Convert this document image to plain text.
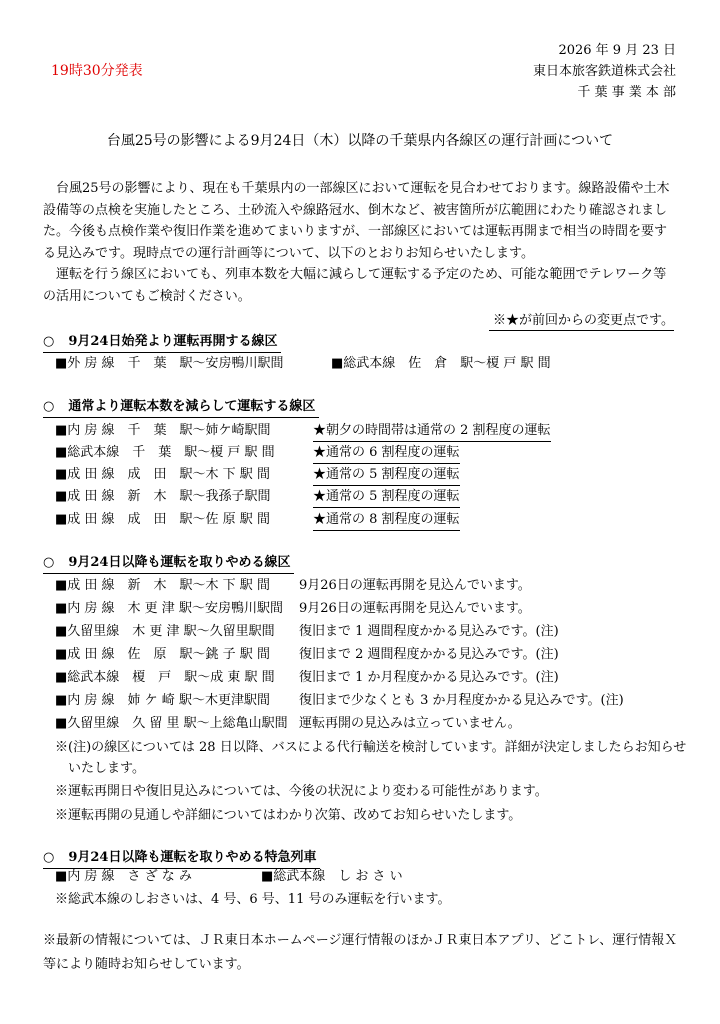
19時30分発表
2026 年 9 月 23 日
東日本旅客鉄道株式会社
千 葉 事 業 本 部
台風25号の影響による9月24日（木）以降の千葉県内各線区の運行計画について

台風25号の影響により、現在も千葉県内の一部線区において運転を見合わせております。線路設備や土木設備等の点検を実施したところ、土砂流入や線路冠水、倒木など、被害箇所が広範囲にわたり確認されました。今後も点検作業や復旧作業を進めてまいりますが、一部線区においては運転再開まで相当の時間を要する見込みです。現時点での運行計画等について、以下のとおりお知らせいたします。

運転を行う線区においても、列車本数を大幅に減らして運転する予定のため、可能な範囲でテレワーク等の活用についてもご検討ください。

※★が前回からの変更点です。
○ 9月24日始発より運転再開する線区
■外 房 線　千　葉　駅～安房鴨川駅間	■総武本線　佐　倉　駅～榎 戸 駅 間
○ 通常より運転本数を減らして運転する線区
■内 房 線　千　葉　駅～姉ケ崎駅間	★朝夕の時間帯は通常の 2 割程度の運転
■総武本線　千　葉　駅～榎 戸 駅 間	★通常の 6 割程度の運転
■成 田 線　成　田　駅～木 下 駅 間	★通常の 5 割程度の運転
■成 田 線　新　木　駅～我孫子駅間	★通常の 5 割程度の運転
■成 田 線　成　田　駅～佐 原 駅 間	★通常の 8 割程度の運転
○ 9月24日以降も運転を取りやめる線区
■成 田 線　新　木　駅～木 下 駅 間 9月26日の運転再開を見込んでいます。
■内 房 線　木 更 津 駅～安房鴨川駅間 9月26日の運転再開を見込んでいます。
■久留里線　木 更 津 駅～久留里駅間 復旧まで 1 週間程度かかる見込みです。(注)
■成 田 線　佐　原　駅～銚 子 駅 間 復旧まで 2 週間程度かかる見込みです。(注)
■総武本線　榎　戸　駅～成 東 駅 間 復旧まで 1 か月程度かかる見込みです。(注)
■内 房 線　姉 ケ 崎 駅～木更津駅間 復旧まで少なくとも 3 か月程度かかる見込みです。(注)
■久留里線　久 留 里 駅～上総亀山駅間 運転再開の見込みは立っていません。
※(注)の線区については 28 日以降、バスによる代行輸送を検討しています。詳細が決定しましたらお知らせいたします。
※運転再開日や復旧見込みについては、今後の状況により変わる可能性があります。
※運転再開の見通しや詳細についてはわかり次第、改めてお知らせいたします。
○ 9月24日以降も運転を取りやめる特急列車
■内 房 線　さ ざ な み	■総武本線　し お さ い
※総武本線のしおさいは、4 号、6 号、11 号のみ運転を行います。
※最新の情報については、ＪＲ東日本ホームページ運行情報のほかＪＲ東日本アプリ、どこトレ、運行情報Ｘ等により随時お知らせしています。
